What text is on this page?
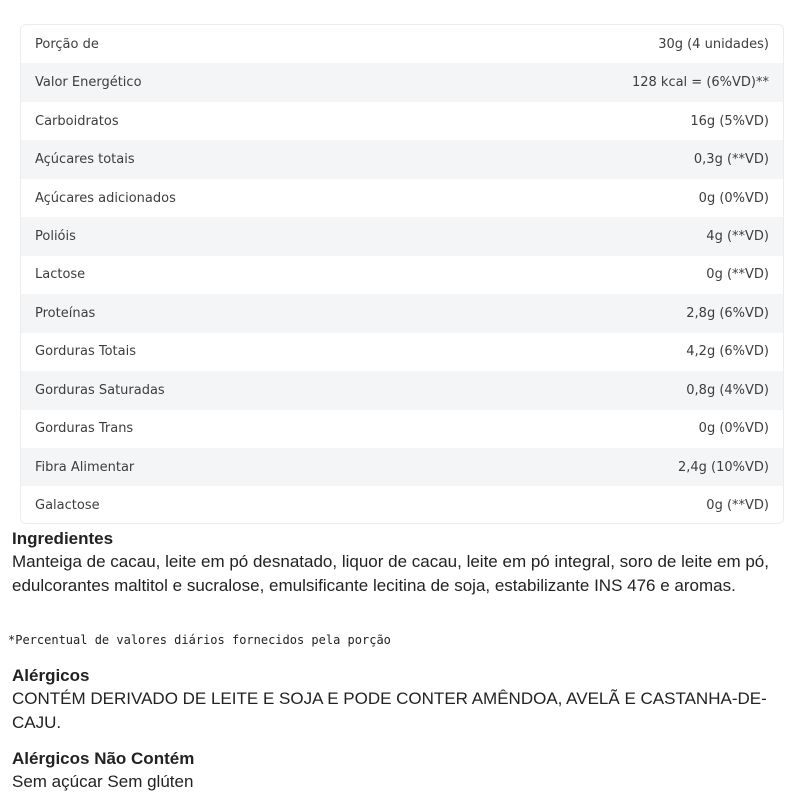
Porção de	30g (4 unidades)
Valor Energético	128 kcal = (6%VD)**
Carboidratos	16g (5%VD)
Açúcares totais	0,3g (**VD)
Açúcares adicionados	0g (0%VD)
Polióis	4g (**VD)
Lactose	0g (**VD)
Proteínas	2,8g (6%VD)
Gorduras Totais	4,2g (6%VD)
Gorduras Saturadas	0,8g (4%VD)
Gorduras Trans	0g (0%VD)
Fibra Alimentar	2,4g (10%VD)
Galactose	0g (**VD)

Ingredientes

Manteiga de cacau, leite em pó desnatado, liquor de cacau, leite em pó integral, soro de leite em pó, edulcorantes maltitol e sucralose, emulsificante lecitina de soja, estabilizante INS 476 e aromas.

*Percentual de valores diários fornecidos pela porção

Alérgicos

CONTÉM DERIVADO DE LEITE E SOJA E PODE CONTER AMÊNDOA, AVELÃ E CASTANHA-DE-CAJU.

Alérgicos Não Contém

Sem açúcar Sem glúten
